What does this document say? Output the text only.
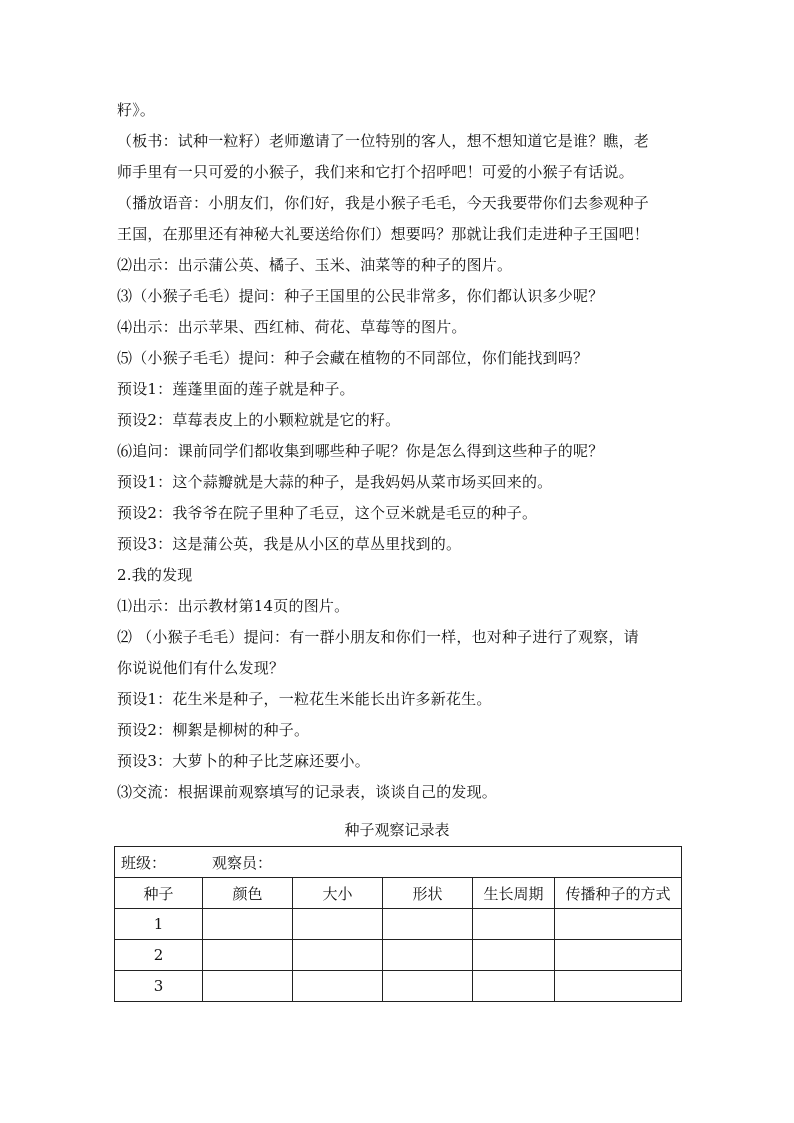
籽》。
（板书：试种一粒籽）老师邀请了一位特别的客人，想不想知道它是谁？瞧，老
师手里有一只可爱的小猴子，我们来和它打个招呼吧！可爱的小猴子有话说。
（播放语音：小朋友们，你们好，我是小猴子毛毛，今天我要带你们去参观种子
王国，在那里还有神秘大礼要送给你们）想要吗？那就让我们走进种子王国吧！
⑵出示：出示蒲公英、橘子、玉米、油菜等的种子的图片。
⑶（小猴子毛毛）提问：种子王国里的公民非常多，你们都认识多少呢？
⑷出示：出示苹果、西红柿、荷花、草莓等的图片。
⑸（小猴子毛毛）提问：种子会藏在植物的不同部位，你们能找到吗？
预设1：莲蓬里面的莲子就是种子。
预设2：草莓表皮上的小颗粒就是它的籽。
⑹追问：课前同学们都收集到哪些种子呢？你是怎么得到这些种子的呢？
预设1：这个蒜瓣就是大蒜的种子，是我妈妈从菜市场买回来的。
预设2：我爷爷在院子里种了毛豆，这个豆米就是毛豆的种子。
预设3：这是蒲公英，我是从小区的草丛里找到的。
2.我的发现
⑴出示：出示教材第14页的图片。
⑵ （小猴子毛毛）提问：有一群小朋友和你们一样，也对种子进行了观察，请
你说说他们有什么发现？
预设1：花生米是种子，一粒花生米能长出许多新花生。
预设2：柳絮是柳树的种子。
预设3：大萝卜的种子比芝麻还要小。
⑶交流：根据课前观察填写的记录表，谈谈自己的发现。
种子观察记录表
班级： 观察员：					
种子	颜色	大小	形状	生长周期	传播种子的方式
1					
2					
3					
